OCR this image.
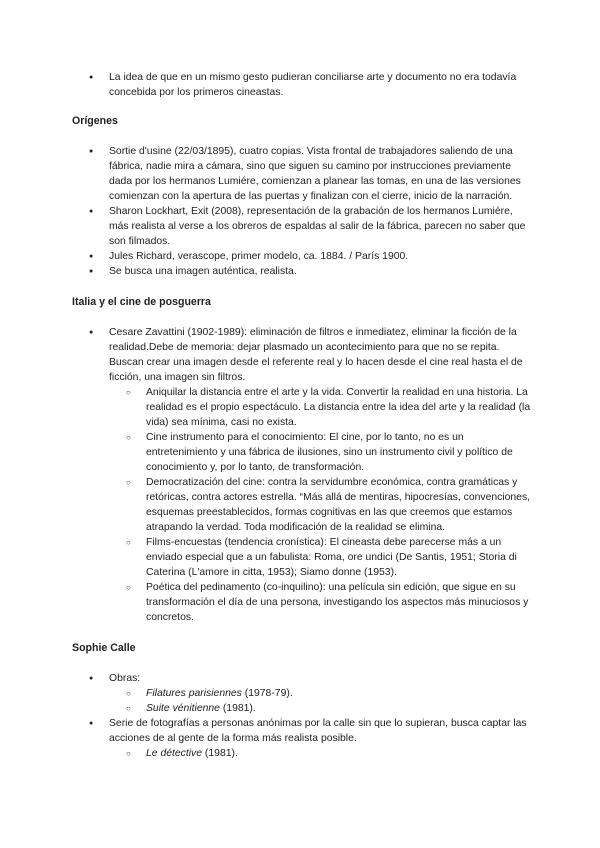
● La idea de que en un mismo gesto pudieran conciliarse arte y documento no era todavía concebida por los primeros cineastas.

Orígenes

● Sortie d'usine (22/03/1895), cuatro copias. Vista frontal de trabajadores saliendo de una fábrica, nadie mira a cámara, sino que siguen su camino por instrucciones previamente dada por los hermanos Lumiére, comienzan a planear las tomas, en una de las versiones comienzan con la apertura de las puertas y finalizan con el cierre, inicio de la narración.
● Sharon Lockhart, Exit (2008), representación de la grabación de los hermanos Lumiére, más realista al verse a los obreros de espaldas al salir de la fábrica, parecen no saber que son filmados.
● Jules Richard, verascope, primer modelo, ca. 1884. / París 1900.
● Se busca una imagen auténtica, realista.

Italia y el cine de posguerra

● Cesare Zavattini (1902-1989): eliminación de filtros e inmediatez, eliminar la ficción de la realidad.Debe de memoria: dejar plasmado un acontecimiento para que no se repita. Buscan crear una imagen desde el referente real y lo hacen desde el cine real hasta el de ficción, una imagen sin filtros.
○ Aniquilar la distancia entre el arte y la vida. Convertir la realidad en una historia. La realidad es el propio espectáculo. La distancia entre la idea del arte y la realidad (la vida) sea mínima, casi no exista.
○ Cine instrumento para el conocimiento: El cine, por lo tanto, no es un entretenimiento y una fábrica de ilusiones, sino un instrumento civil y político de conocimiento y, por lo tanto, de transformación.
○ Democratización del cine: contra la servidumbre económica, contra gramáticas y retóricas, contra actores estrella. “Más allá de mentiras, hipocresías, convenciones, esquemas preestablecidos, formas cognitivas en las que creemos que estamos atrapando la verdad. Toda modificación de la realidad se elimina.
○ Films-encuestas (tendencia cronística): El cineasta debe parecerse más a un enviado especial que a un fabulista: Roma, ore undici (De Santis, 1951; Storia di Caterina (L'amore in citta, 1953); Siamo donne (1953).
○ Poética del pedinamento (co-inquilino): una película sin edición, que sigue en su transformación el día de una persona, investigando los aspectos más minuciosos y concretos.

Sophie Calle

● Obras:
○ Filatures parisiennes (1978-79).
○ Suite vénitienne (1981).
● Serie de fotografías a personas anónimas por la calle sin que lo supieran, busca captar las acciones de al gente de la forma más realista posible.
○ Le détective (1981).
